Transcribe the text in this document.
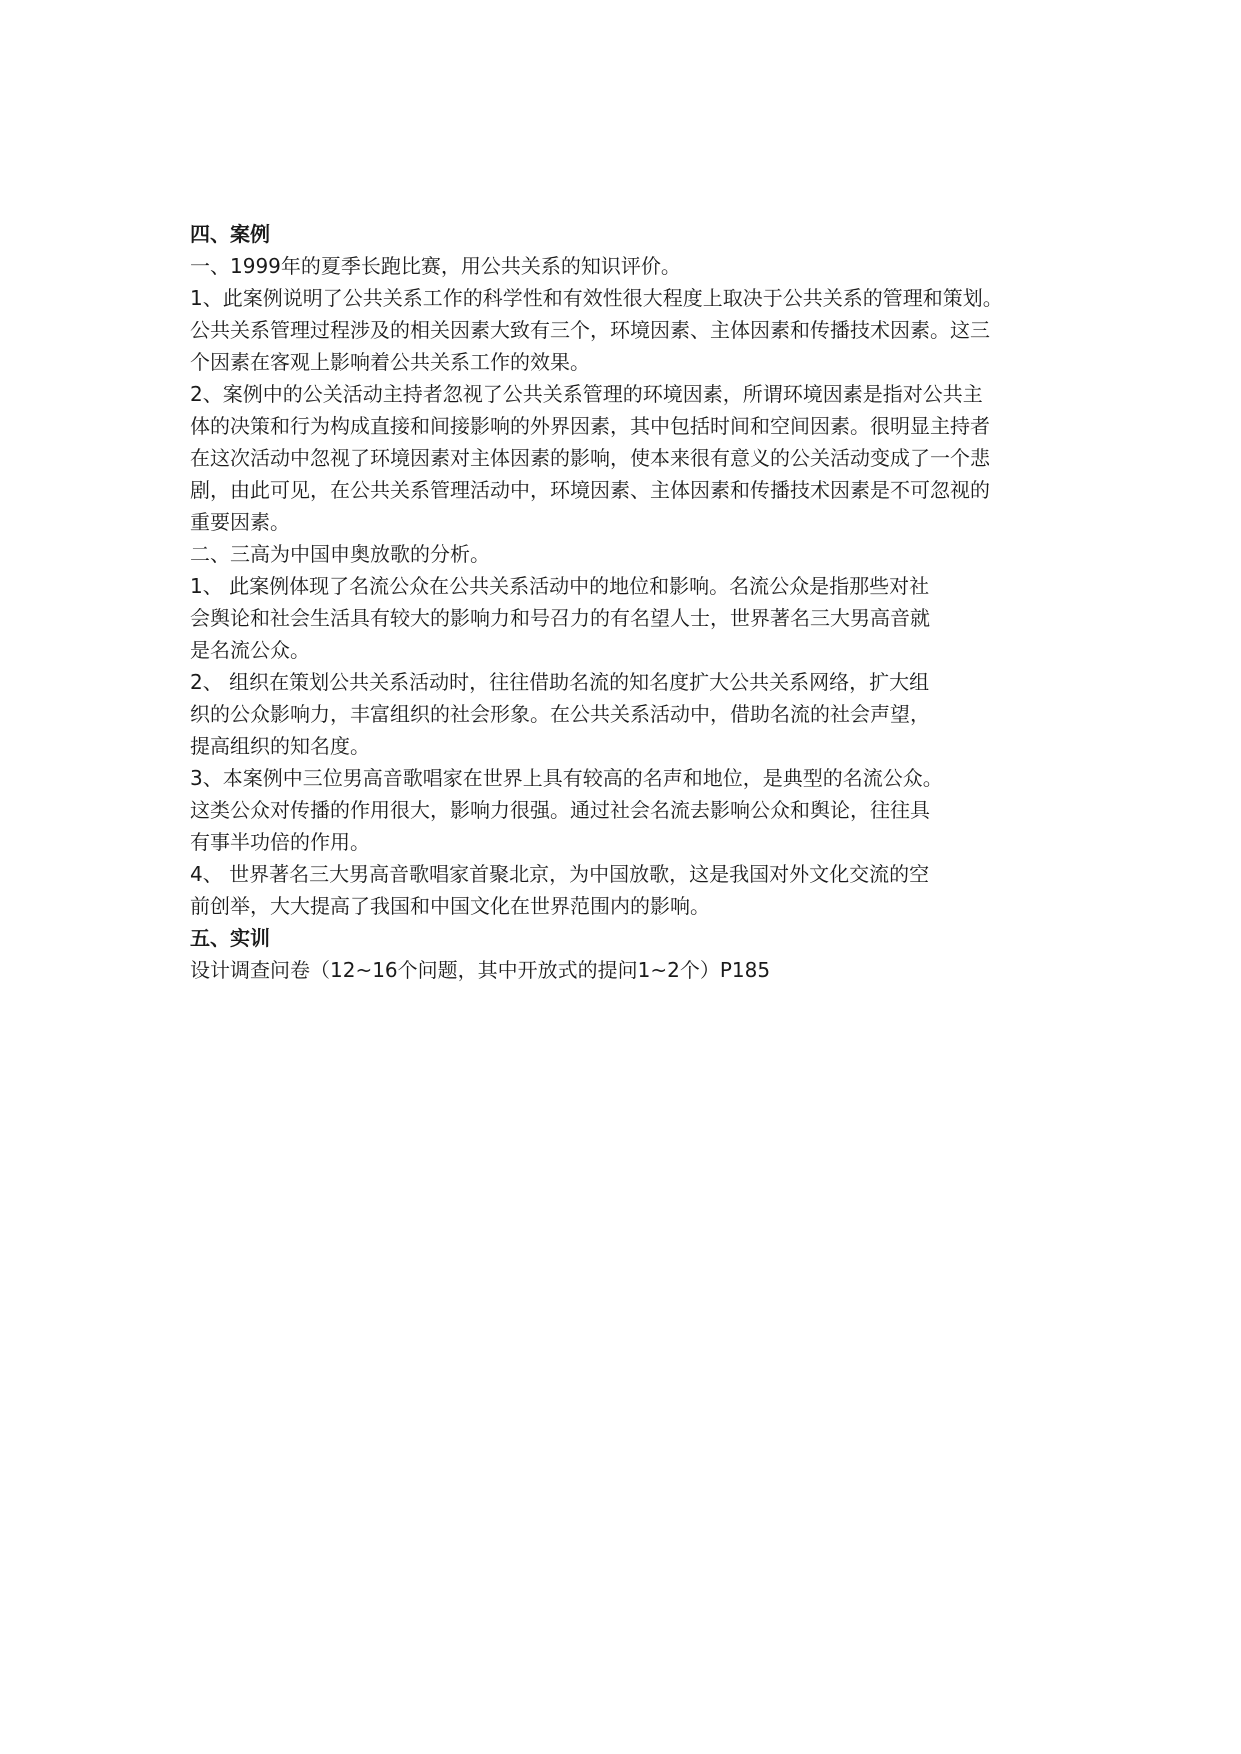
四、案例
一、1999年的夏季长跑比赛，用公共关系的知识评价。
1、此案例说明了公共关系工作的科学性和有效性很大程度上取决于公共关系的管理和策划。
公共关系管理过程涉及的相关因素大致有三个，环境因素、主体因素和传播技术因素。这三
个因素在客观上影响着公共关系工作的效果。
2、案例中的公关活动主持者忽视了公共关系管理的环境因素，所谓环境因素是指对公共主
体的决策和行为构成直接和间接影响的外界因素，其中包括时间和空间因素。很明显主持者
在这次活动中忽视了环境因素对主体因素的影响，使本来很有意义的公关活动变成了一个悲
剧，由此可见，在公共关系管理活动中，环境因素、主体因素和传播技术因素是不可忽视的
重要因素。
二、三高为中国申奥放歌的分析。
1、 此案例体现了名流公众在公共关系活动中的地位和影响。名流公众是指那些对社
会舆论和社会生活具有较大的影响力和号召力的有名望人士，世界著名三大男高音就
是名流公众。
2、 组织在策划公共关系活动时，往往借助名流的知名度扩大公共关系网络，扩大组
织的公众影响力，丰富组织的社会形象。在公共关系活动中，借助名流的社会声望，
提高组织的知名度。
3、本案例中三位男高音歌唱家在世界上具有较高的名声和地位，是典型的名流公众。
这类公众对传播的作用很大，影响力很强。通过社会名流去影响公众和舆论，往往具
有事半功倍的作用。
4、 世界著名三大男高音歌唱家首聚北京，为中国放歌，这是我国对外文化交流的空
前创举，大大提高了我国和中国文化在世界范围内的影响。
五、实训
设计调查问卷（12~16个问题，其中开放式的提问1~2个）P185
